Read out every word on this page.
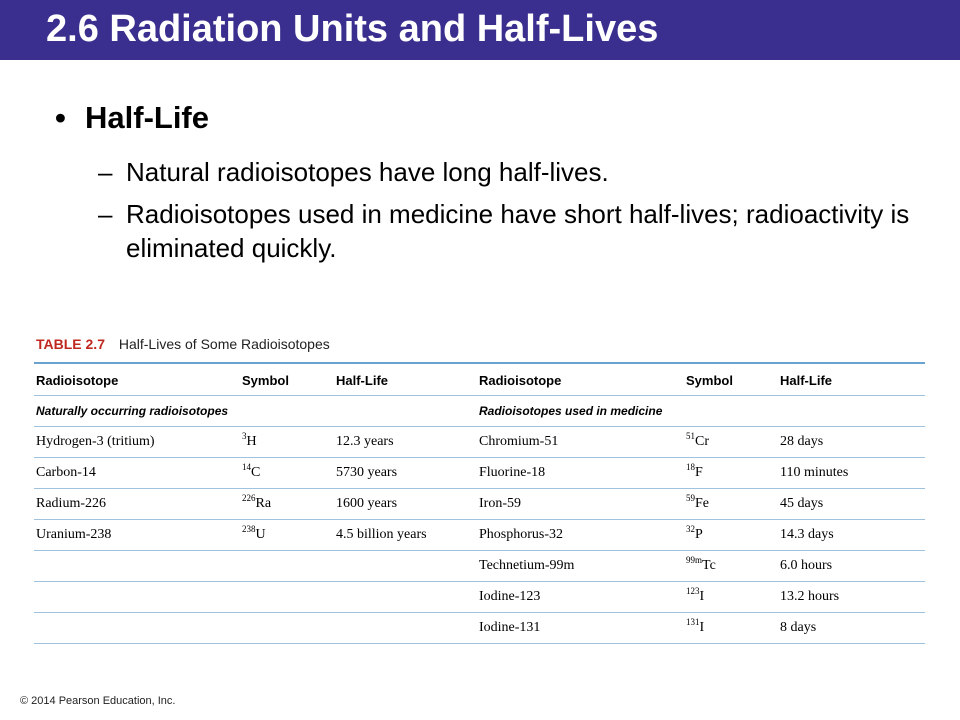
2.6 Radiation Units and Half-Lives
• Half-Life
– Natural radioisotopes have long half-lives.
– Radioisotopes used in medicine have short half-lives; radioactivity is eliminated quickly.
TABLE 2.7 Half-Lives of Some Radioisotopes
Radioisotope	Symbol	Half-Life	Radioisotope	Symbol	Half-Life
Naturally occurring radioisotopes			Radioisotopes used in medicine		
Hydrogen-3 (tritium)	$^3$H	12.3 years	Chromium-51	$^{51}$Cr	28 days
Carbon-14	$^{14}$C	5730 years	Fluorine-18	$^{18}$F	110 minutes
Radium-226	$^{226}$Ra	1600 years	Iron-59	$^{59}$Fe	45 days
Uranium-238	$^{238}$U	4.5 billion years	Phosphorus-32	$^{32}$P	14.3 days
			Technetium-99m	$^{99m}$Tc	6.0 hours
			Iodine-123	$^{123}$I	13.2 hours
			Iodine-131	$^{131}$I	8 days
© 2014 Pearson Education, Inc.
